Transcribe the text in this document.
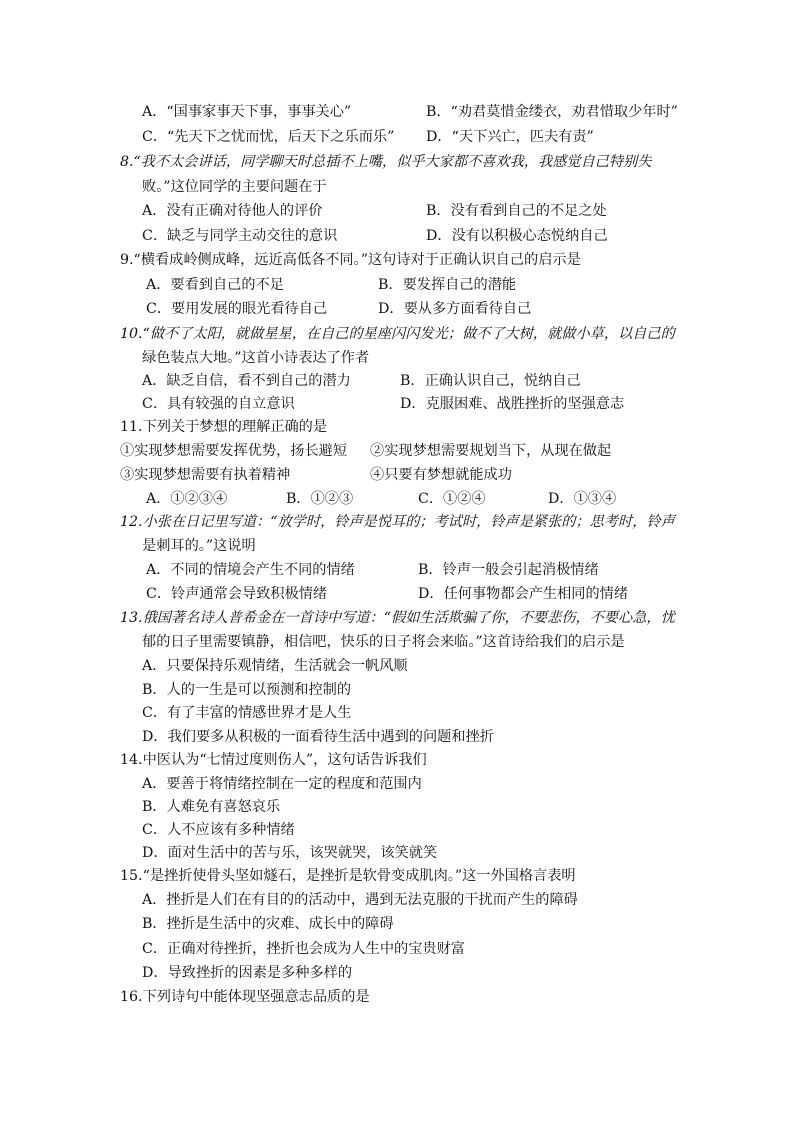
A．“国事家事天下事，事事关心”	B．“劝君莫惜金缕衣，劝君惜取少年时”
C．“先天下之忧而忧，后天下之乐而乐” D．“天下兴亡，匹夫有责”
8.“我不太会讲话，同学聊天时总插不上嘴，似乎大家都不喜欢我，我感觉自己特别失
败。”这位同学的主要问题在于
A．没有正确对待他人的评价	B．没有看到自己的不足之处
C．缺乏与同学主动交往的意识	D．没有以积极心态悦纳自己
9.“横看成岭侧成峰，远近高低各不同。”这句诗对于正确认识自己的启示是
A．要看到自己的不足	B．要发挥自己的潜能
C．要用发展的眼光看待自己	D．要从多方面看待自己
10.“做不了太阳，就做星星，在自己的星座闪闪发光；做不了大树，就做小草，以自己的
绿色装点大地。”这首小诗表达了作者
A．缺乏自信，看不到自己的潜力	B．正确认识自己，悦纳自己
C．具有较强的自立意识	D．克服困难、战胜挫折的坚强意志
11.下列关于梦想的理解正确的是
①实现梦想需要发挥优势，扬长避短 ②实现梦想需要规划当下，从现在做起
③实现梦想需要有执着精神	④只要有梦想就能成功
A．①②③④	B．①②③	C．①②④	D．①③④
12.小张在日记里写道：“放学时，铃声是悦耳的；考试时，铃声是紧张的；思考时，铃声
是刺耳的。”这说明
A．不同的情境会产生不同的情绪	B．铃声一般会引起消极情绪
C．铃声通常会导致积极情绪	D．任何事物都会产生相同的情绪
13.俄国著名诗人普希金在一首诗中写道：“假如生活欺骗了你，不要悲伤，不要心急，忧
郁的日子里需要镇静，相信吧，快乐的日子将会来临。”这首诗给我们的启示是
A．只要保持乐观情绪，生活就会一帆风顺
B．人的一生是可以预测和控制的
C．有了丰富的情感世界才是人生
D．我们要多从积极的一面看待生活中遇到的问题和挫折
14.中医认为“七情过度则伤人”，这句话告诉我们
A．要善于将情绪控制在一定的程度和范围内
B．人难免有喜怒哀乐
C．人不应该有多种情绪
D．面对生活中的苦与乐，该哭就哭，该笑就笑
15.“是挫折使骨头坚如燧石，是挫折是软骨变成肌肉。”这一外国格言表明
A．挫折是人们在有目的的活动中，遇到无法克服的干扰而产生的障碍
B．挫折是生活中的灾难、成长中的障碍
C．正确对待挫折，挫折也会成为人生中的宝贵财富
D．导致挫折的因素是多种多样的
16.下列诗句中能体现坚强意志品质的是
